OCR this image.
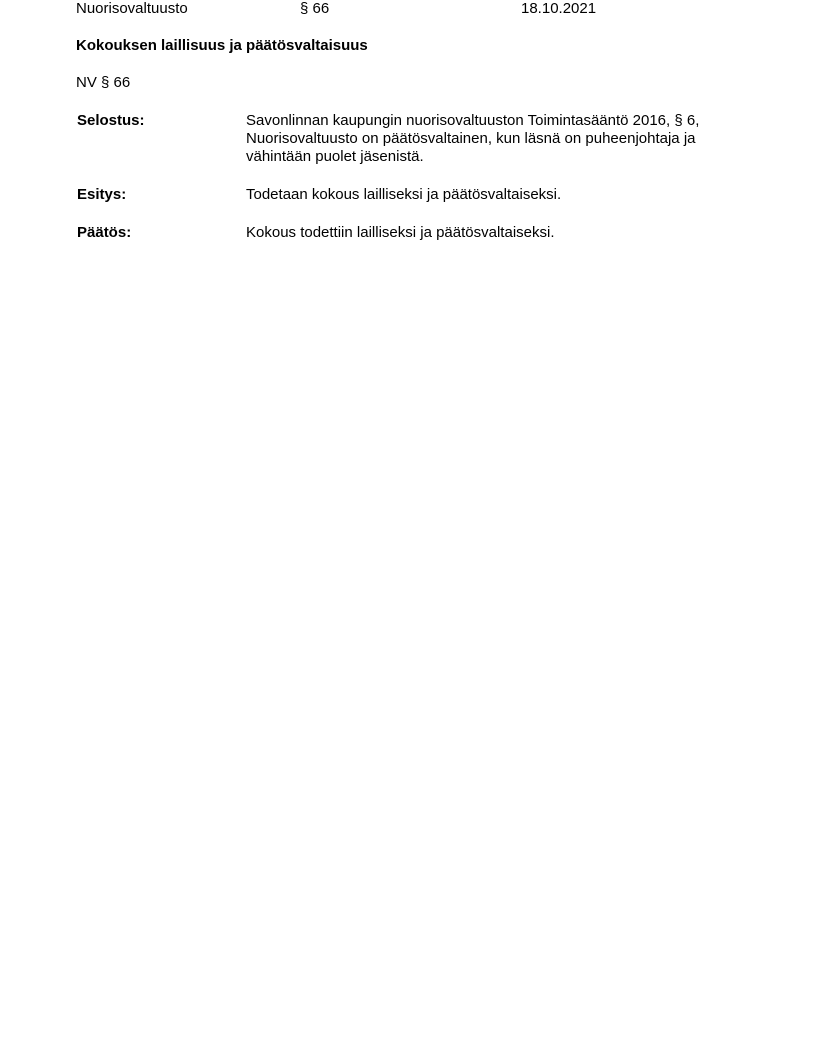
Nuorisovaltuusto	§ 66	18.10.2021
Kokouksen laillisuus ja päätösvaltaisuus
NV § 66
Selostus:	Savonlinnan kaupungin nuorisovaltuuston Toimintasääntö 2016, § 6, Nuorisovaltuusto on päätösvaltainen, kun läsnä on puheenjohtaja ja vähintään puolet jäsenistä.
Esitys:	Todetaan kokous lailliseksi ja päätösvaltaiseksi.
Päätös:	Kokous todettiin lailliseksi ja päätösvaltaiseksi.
